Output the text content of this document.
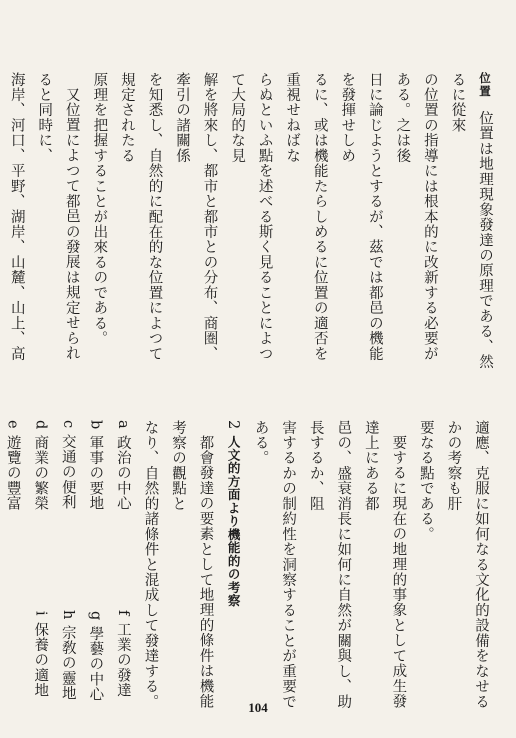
位置 位置は地理現象發達の原理である、然るに從來
の位置の指導には根本的に改新する必要がある。之は後
日に論じようとするが、茲では都邑の機能を發揮せしめ
るに、或は機能たらしめるに位置の適否を重視せねばな
らぬといふ點を述べる斯く見ることによつて大局的な見
解を將來し、都市と都市との分布、商圏、牽引の諸關係
を知悉し、自然的に配在的な位置によつて規定されたる
原理を把握することが出來るのである。

又位置によつて都邑の發展は規定せられると同時に、
海岸、河口、平野、湖岸、山麓、山上、高

適應、克服に如何なる文化的設備をなせるかの考察も肝
要なる點である。

要するに現在の地理的事象として成生發達上にある都
邑の、盛衰消長に如何に自然が關與し、助長するか、阻
害するかの制約性を洞察することが重要である。

2 人文的方面より機能的の考察

都會發達の要素として地理的條件は機能考察の觀點と
なり、自然的諸條件と混成して發達する。

a 政治の中心 f 工業の發達
b 軍事の要地 g 學藝の中心
c 交通の便利 h 宗敎の靈地
d 商業の繁榮 i 保養の適地
e 遊覽の豐富

104
